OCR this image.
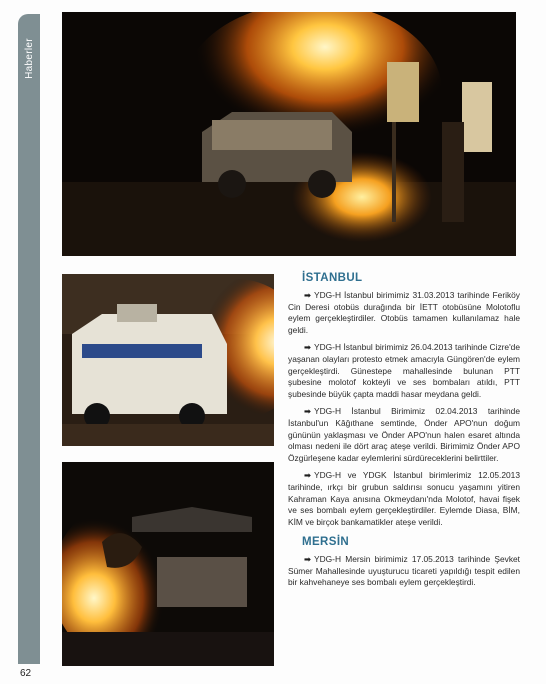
Haberler
İSTANBUL

➡ YDG-H İstanbul birimimiz 31.03.2013 tarihinde Feriköy Cin Deresi otobüs durağında bir İETT otobüsüne Molotoflu eylem gerçekleştirdiler. Otobüs tamamen kullanılamaz hale geldi.

➡ YDG-H İstanbul birimimiz 26.04.2013 tarihinde Cizre'de yaşanan olayları protesto etmek amacıyla Güngören'de eylem gerçekleştirdi. Günestepe mahallesinde bulunan PTT şubesine molotof kokteyli ve ses bombaları atıldı, PTT şubesinde büyük çapta maddi hasar meydana geldi.

➡ YDG-H İstanbul Birimimiz 02.04.2013 tarihinde İstanbul'un Kâğıthane semtinde, Önder APO'nun doğum gününün yaklaşması ve Önder APO'nun halen esaret altında olması nedeni ile dört araç ateşe verildi. Birimimiz Önder APO Özgürleşene kadar eylemlerini sürdüreceklerini belirttiler.

➡ YDG-H ve YDGK İstanbul birimlerimiz 12.05.2013 tarihinde, ırkçı bir grubun saldırısı sonucu yaşamını yitiren Kahraman Kaya anısına Okmeydanı'nda Molotof, havai fişek ve ses bombalı eylem gerçekleştirdiler. Eylemde Diasa, BİM, KİM ve birçok bankamatikler ateşe verildi.

MERSİN

➡ YDG-H Mersin birimimiz 17.05.2013 tarihinde Şevket Sümer Mahallesinde uyuşturucu ticareti yapıldığı tespit edilen bir kahvehaneye ses bombalı eylem gerçekleştirdi.

62
